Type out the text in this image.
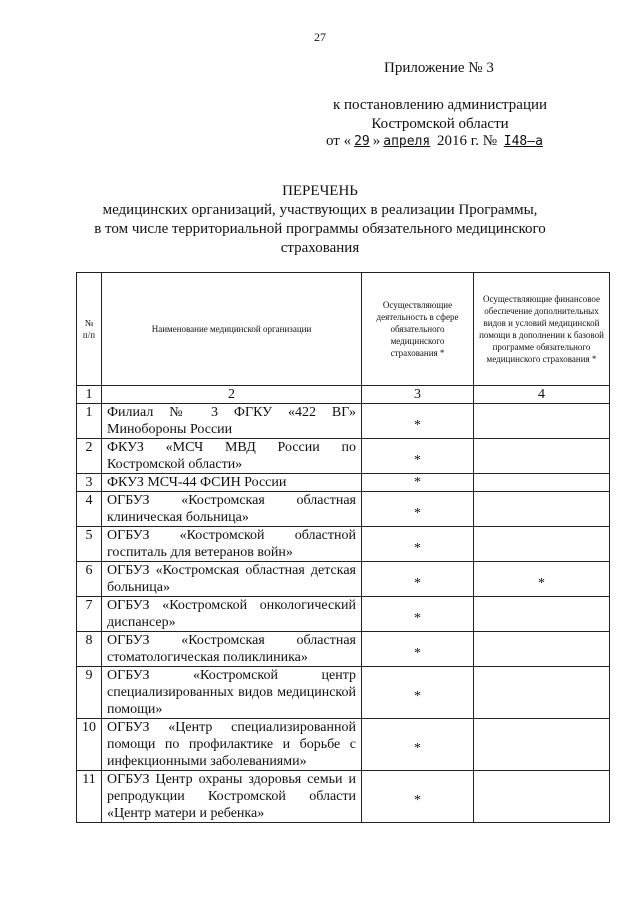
27
Приложение № 3
к постановлению администрации
Костромской области
от « 29 » апреля 2016 г. № I48–а
ПЕРЕЧЕНЬ
медицинских организаций, участвующих в реализации Программы,
в том числе территориальной программы обязательного медицинского
страхования
№ п/п	Наименование медицинской организации	Осуществляющие деятельность в сфере обязательного медицинского страхования *	Осуществляющие финансовое обеспечение дополнительных видов и условий медицинской помощи в дополнении к базовой программе обязательного медицинского страхования *
1	2	3	4
1	Филиал № 3 ФГКУ «422 ВГ» Минобороны России	*	
2	ФКУЗ «МСЧ МВД России по Костромской области»	*	
3	ФКУЗ МСЧ-44 ФСИН России	*	
4	ОГБУЗ «Костромская областная клиническая больница»	*	
5	ОГБУЗ «Костромской областной госпиталь для ветеранов войн»	*	
6	ОГБУЗ «Костромская областная детская больница»	*	*
7	ОГБУЗ «Костромской онкологический диспансер»	*	
8	ОГБУЗ «Костромская областная стоматологическая поликлиника»	*	
9	ОГБУЗ «Костромской центр специализированных видов медицинской помощи»	*	
10	ОГБУЗ «Центр специализированной помощи по профилактике и борьбе с инфекционными заболеваниями»	*	
11	ОГБУЗ Центр охраны здоровья семьи и репродукции Костромской области «Центр матери и ребенка»	*	
